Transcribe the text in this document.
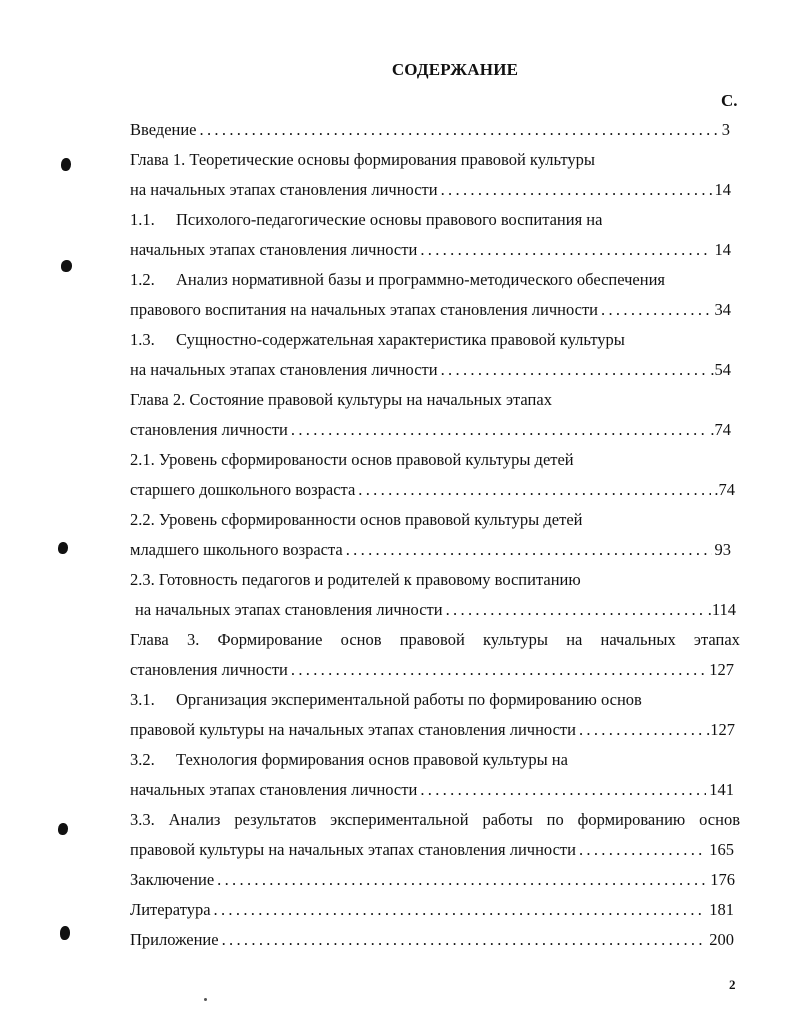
СОДЕРЖАНИЕ
С.
Введение . . .	3
Глава 1. Теоретические основы формирования правовой культуры
на начальных этапах становления личности . . .	14
1.1. Психолого-педагогические основы правового воспитания на
начальных этапах становления личности . . .	14
1.2. Анализ нормативной базы и программно-методического обеспечения
правового воспитания на начальных этапах становления личности . . .	34
1.3. Сущностно-содержательная характеристика правовой культуры
на начальных этапах становления личности . . .	.54
Глава 2. Состояние правовой культуры на начальных этапах
становления личности . . .	.74
2.1. Уровень сформированости основ правовой культуры детей
старшего дошкольного возраста . . .	.74
2.2. Уровень сформированности основ правовой культуры детей
младшего школьного возраста . . .	93
2.3. Готовность педагогов и родителей к правовому воспитанию
на начальных этапах становления личности . . .	.114
Глава 3. Формирование основ правовой культуры на начальных этапах
становления личности . . .	127
3.1. Организация экспериментальной работы по формированию основ
правовой культуры на начальных этапах становления личности . . .	.127
3.2. Технология формирования основ правовой культуры на
начальных этапах становления личности . . .	141
3.3. Анализ результатов экспериментальной работы по формированию основ
правовой культуры на начальных этапах становления личности . . .	165
Заключение . . .	176
Литература . . .	181
Приложение . . .	200
2
